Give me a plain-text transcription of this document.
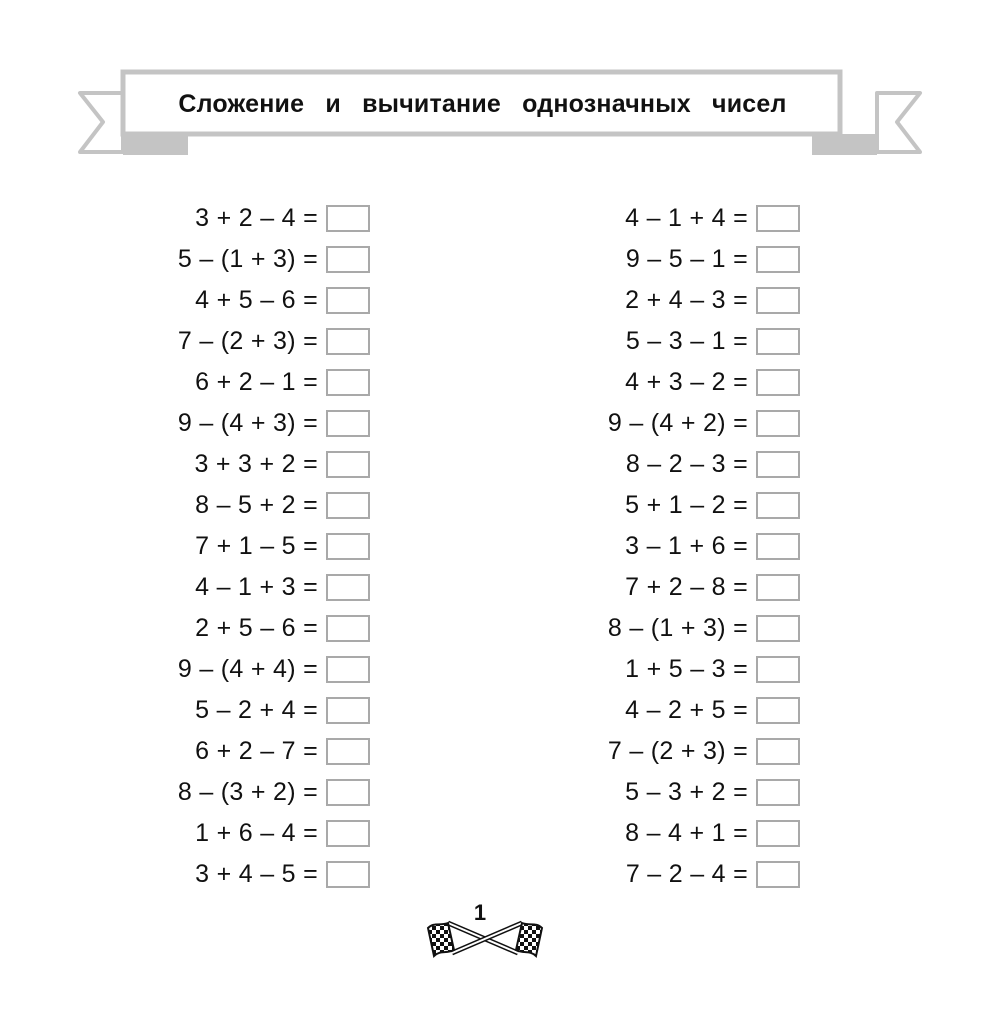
Сложение и вычитание однозначных чисел
3 + 2 – 4 =
5 – (1 + 3) =
4 + 5 – 6 =
7 – (2 + 3) =
6 + 2 – 1 =
9 – (4 + 3) =
3 + 3 + 2 =
8 – 5 + 2 =
7 + 1 – 5 =
4 – 1 + 3 =
2 + 5 – 6 =
9 – (4 + 4) =
5 – 2 + 4 =
6 + 2 – 7 =
8 – (3 + 2) =
1 + 6 – 4 =
3 + 4 – 5 =
4 – 1 + 4 =
9 – 5 – 1 =
2 + 4 – 3 =
5 – 3 – 1 =
4 + 3 – 2 =
9 – (4 + 2) =
8 – 2 – 3 =
5 + 1 – 2 =
3 – 1 + 6 =
7 + 2 – 8 =
8 – (1 + 3) =
1 + 5 – 3 =
4 – 2 + 5 =
7 – (2 + 3) =
5 – 3 + 2 =
8 – 4 + 1 =
7 – 2 – 4 =
1
